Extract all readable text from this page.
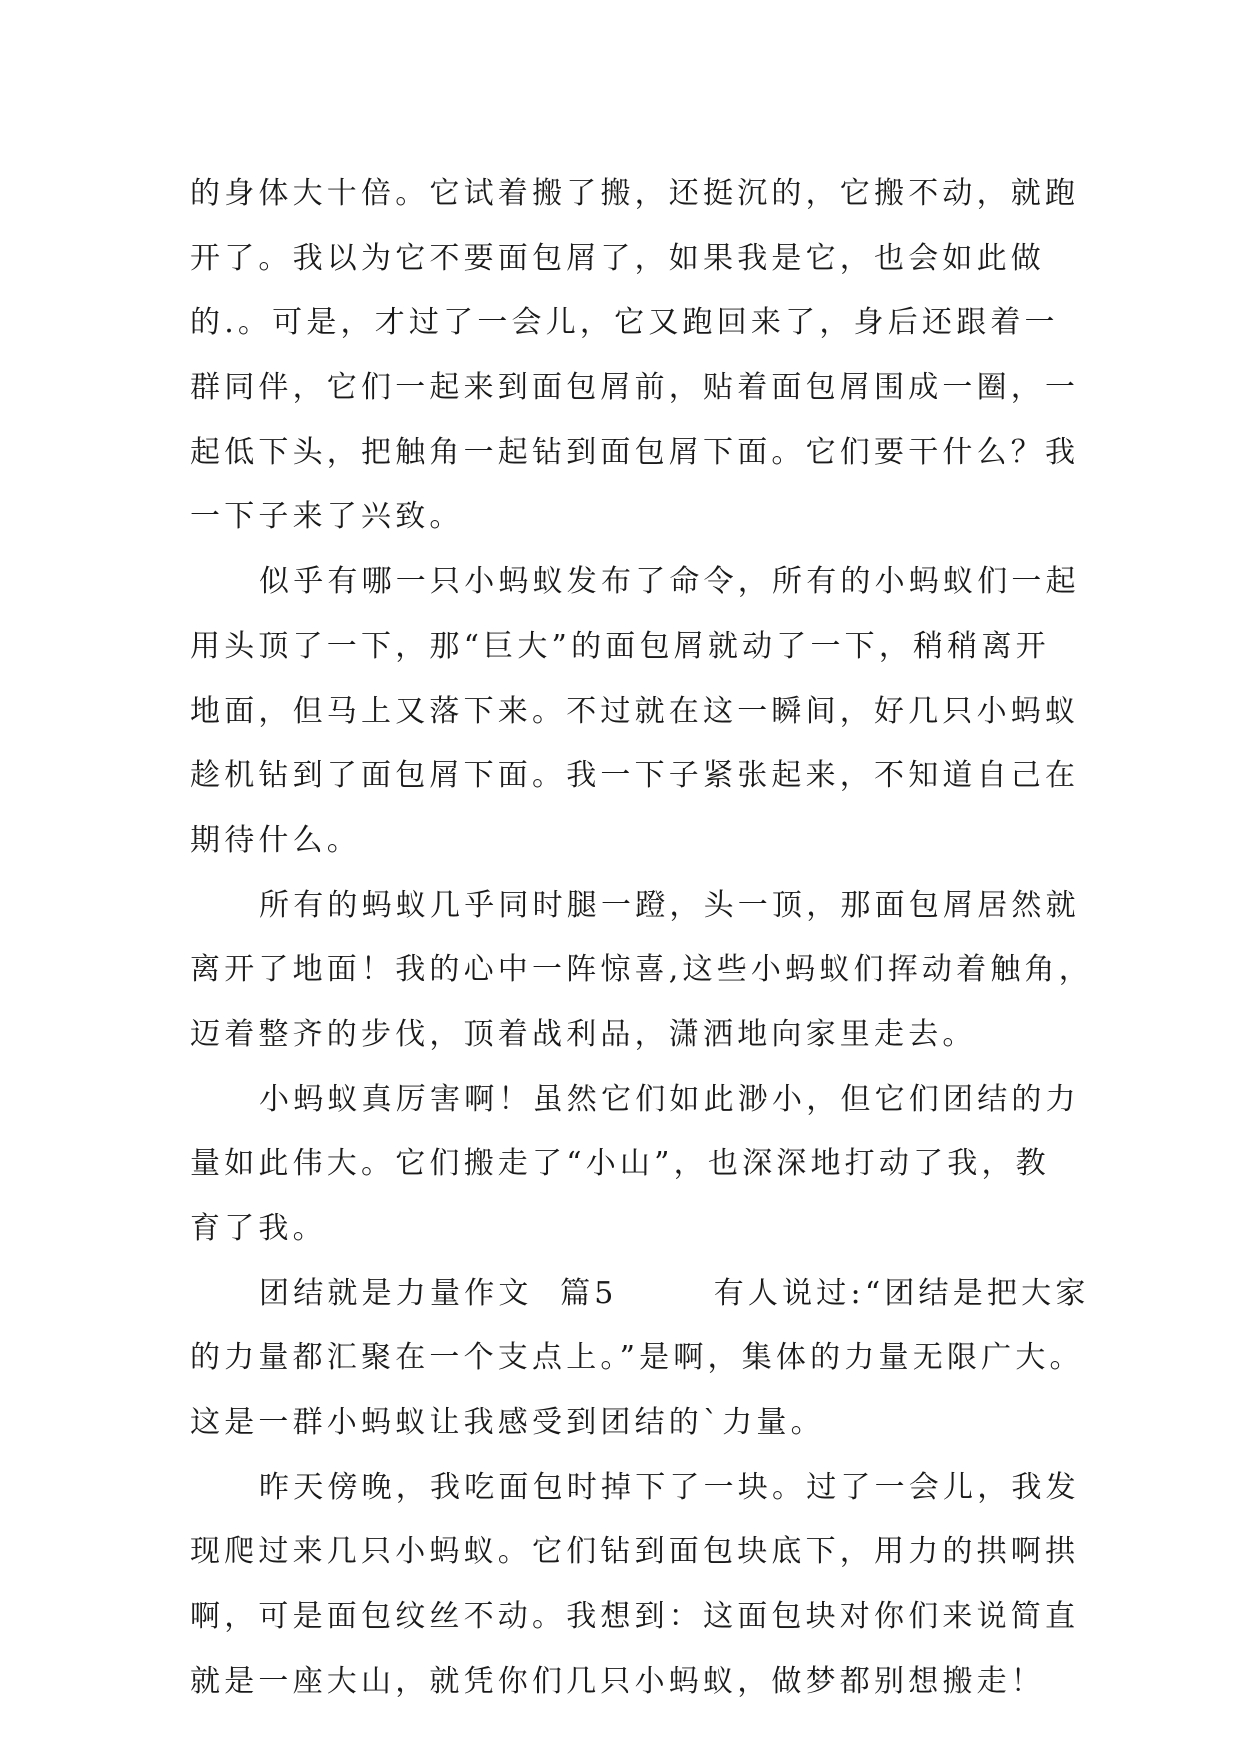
的身体大十倍。它试着搬了搬，还挺沉的，它搬不动，就跑
开了。我以为它不要面包屑了，如果我是它，也会如此做
的.。可是，才过了一会儿，它又跑回来了，身后还跟着一
群同伴，它们一起来到面包屑前，贴着面包屑围成一圈，一
起低下头，把触角一起钻到面包屑下面。它们要干什么？我
一下子来了兴致。
似乎有哪一只小蚂蚁发布了命令，所有的小蚂蚁们一起
用头顶了一下，那“巨大”的面包屑就动了一下，稍稍离开
地面，但马上又落下来。不过就在这一瞬间，好几只小蚂蚁
趁机钻到了面包屑下面。我一下子紧张起来，不知道自己在
期待什么。
所有的蚂蚁几乎同时腿一蹬，头一顶，那面包屑居然就
离开了地面！我的心中一阵惊喜,这些小蚂蚁们挥动着触角，
迈着整齐的步伐，顶着战利品，潇洒地向家里走去。
小蚂蚁真厉害啊！虽然它们如此渺小，但它们团结的力
量如此伟大。它们搬走了“小山”，也深深地打动了我，教
育了我。
团结就是力量作文  篇5       有人说过:“团结是把大家
的力量都汇聚在一个支点上。”是啊，集体的力量无限广大。
这是一群小蚂蚁让我感受到团结的`力量。
昨天傍晚，我吃面包时掉下了一块。过了一会儿，我发
现爬过来几只小蚂蚁。它们钻到面包块底下，用力的拱啊拱
啊，可是面包纹丝不动。我想到：这面包块对你们来说简直
就是一座大山，就凭你们几只小蚂蚁，做梦都别想搬走！
